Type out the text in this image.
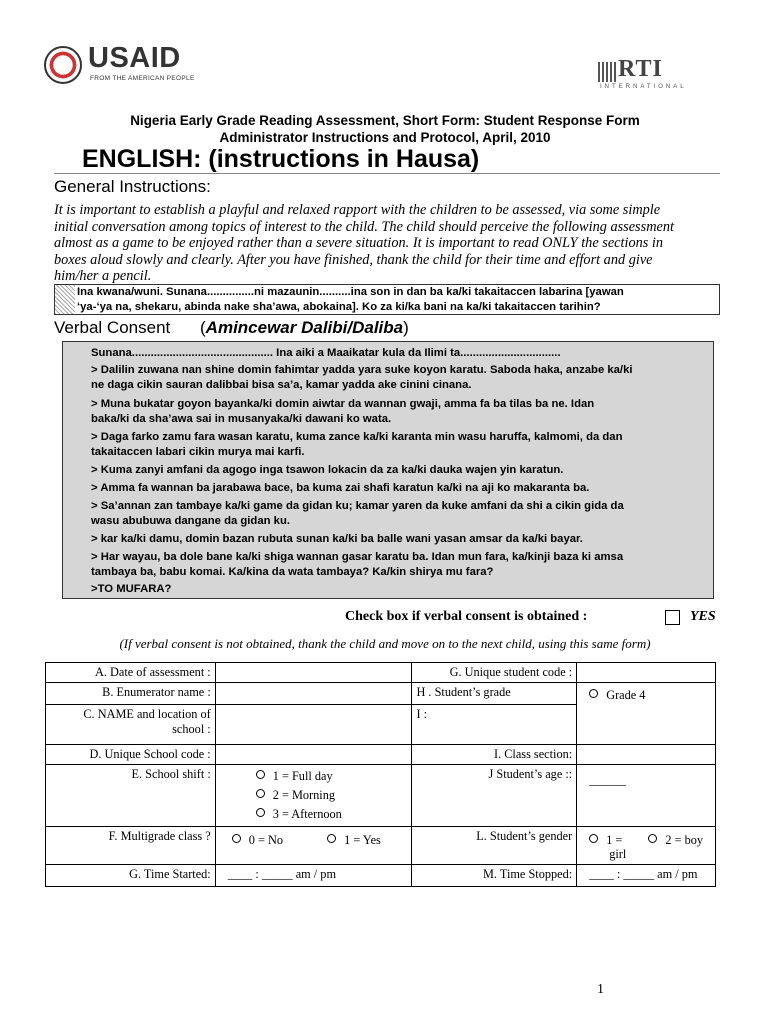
USAID
FROM THE AMERICAN PEOPLE	RTI
INTERNATIONAL
Nigeria Early Grade Reading Assessment, Short Form: Student Response Form
Administrator Instructions and Protocol, April, 2010
ENGLISH: (instructions in Hausa)
General Instructions:
It is important to establish a playful and relaxed rapport with the children to be assessed, via some simple
initial conversation among topics of interest to the child. The child should perceive the following assessment
almost as a game to be enjoyed rather than a severe situation. It is important to read ONLY the sections in
boxes aloud slowly and clearly. After you have finished, thank the child for their time and effort and give
him/her a pencil.
Ina kwana/wuni. Sunana...............ni mazaunin..........ina son in dan ba ka/ki takaitaccen labarina [yawan
‘ya-‘ya na, shekaru, abinda nake sha’awa, abokaina]. Ko za ki/ka bani na ka/ki takaitaccen tarihin?
Verbal Consent (Amincewar Dalibi/Daliba)
Sunana............................................. Ina aiki a Maaikatar kula da Ilimi ta................................
> Dalilin zuwana nan shine domin fahimtar yadda yara suke koyon karatu. Saboda haka, anzabe ka/ki
ne daga cikin sauran dalibbai bisa sa’a, kamar yadda ake cinini cinana.
> Muna bukatar goyon bayanka/ki domin aiwtar da wannan gwaji, amma fa ba tilas ba ne. Idan
baka/ki da sha’awa sai in musanyaka/ki dawani ko wata.
> Daga farko zamu fara wasan karatu, kuma zance ka/ki karanta min wasu haruffa, kalmomi, da dan
takaitaccen labari cikin murya mai karfi.
> Kuma zanyi amfani da agogo inga tsawon lokacin da za ka/ki dauka wajen yin karatun.
> Amma fa wannan ba jarabawa bace, ba kuma zai shafi karatun ka/ki na aji ko makaranta ba.
> Sa’annan zan tambaye ka/ki game da gidan ku; kamar yaren da kuke amfani da shi a cikin gida da
wasu abubuwa dangane da gidan ku.
> kar ka/ki damu, domin bazan rubuta sunan ka/ki ba balle wani yasan amsar da ka/ki bayar.
> Har wayau, ba dole bane ka/ki shiga wannan gasar karatu ba. Idan mun fara, ka/kinji baza ki amsa
tambaya ba, babu komai. Ka/kina da wata tambaya? Ka/kin shirya mu fara?
>TO MUFARA?
Check box if verbal consent is obtained :	YES
(If verbal consent is not obtained, thank the child and move on to the next child, using this same form)
A. Date of assessment :		G. Unique student code :	
B. Enumerator name :		H . Student’s grade	Grade 4

C. NAME and location of
school :		I :	
D. Unique School code :		I. Class section:	
E. School shift :	1 = Full day
2 = Morning
3 = Afternoon	J Student’s age ::	______
F. Multigrade class ?	0 = No 1 = Yes	L. Student’s gender	1 = 2 = boy
girl

G. Time Started:	____ : _____ am / pm	M. Time Stopped:	____ : _____ am / pm
1
